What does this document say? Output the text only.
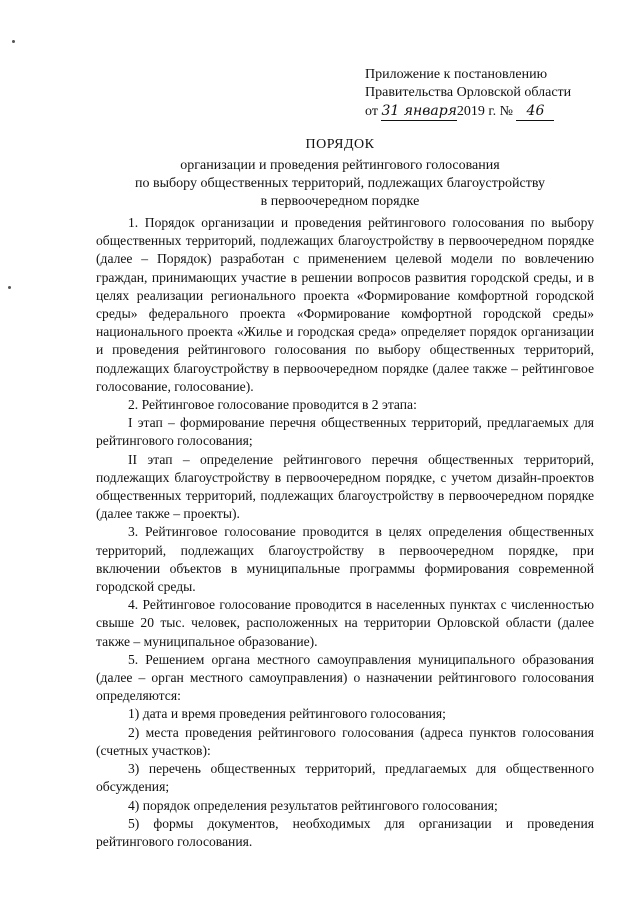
Приложение к постановлению
Правительства Орловской области
от 31 января2019 г. № 46
ПОРЯДОК
организации и проведения рейтингового голосования
по выбору общественных территорий, подлежащих благоустройству
в первоочередном порядке

1. Порядок организации и проведения рейтингового голосования по выбору общественных территорий, подлежащих благоустройству в первоочередном порядке (далее – Порядок) разработан с применением целевой модели по вовлечению граждан, принимающих участие в решении вопросов развития городской среды, и в целях реализации регионального проекта «Формирование комфортной городской среды» федерального проекта «Формирование комфортной городской среды» национального проекта «Жилье и городская среда» определяет порядок организации и проведения рейтингового голосования по выбору общественных территорий, подлежащих благоустройству в первоочередном порядке (далее также – рейтинговое голосование, голосование).

2. Рейтинговое голосование проводится в 2 этапа:

I этап – формирование перечня общественных территорий, предлагаемых для рейтингового голосования;

II этап – определение рейтингового перечня общественных территорий, подлежащих благоустройству в первоочередном порядке, с учетом дизайн-проектов общественных территорий, подлежащих благоустройству в первоочередном порядке (далее также – проекты).

3. Рейтинговое голосование проводится в целях определения общественных территорий, подлежащих благоустройству в первоочередном порядке, при включении объектов в муниципальные программы формирования современной городской среды.

4. Рейтинговое голосование проводится в населенных пунктах с численностью свыше 20 тыс. человек, расположенных на территории Орловской области (далее также – муниципальное образование).

5. Решением органа местного самоуправления муниципального образования (далее – орган местного самоуправления) о назначении рейтингового голосования определяются:

1) дата и время проведения рейтингового голосования;

2) места проведения рейтингового голосования (адреса пунктов голосования (счетных участков):

3) перечень общественных территорий, предлагаемых для общественного обсуждения;

4) порядок определения результатов рейтингового голосования;

5) формы документов, необходимых для организации и проведения рейтингового голосования.
